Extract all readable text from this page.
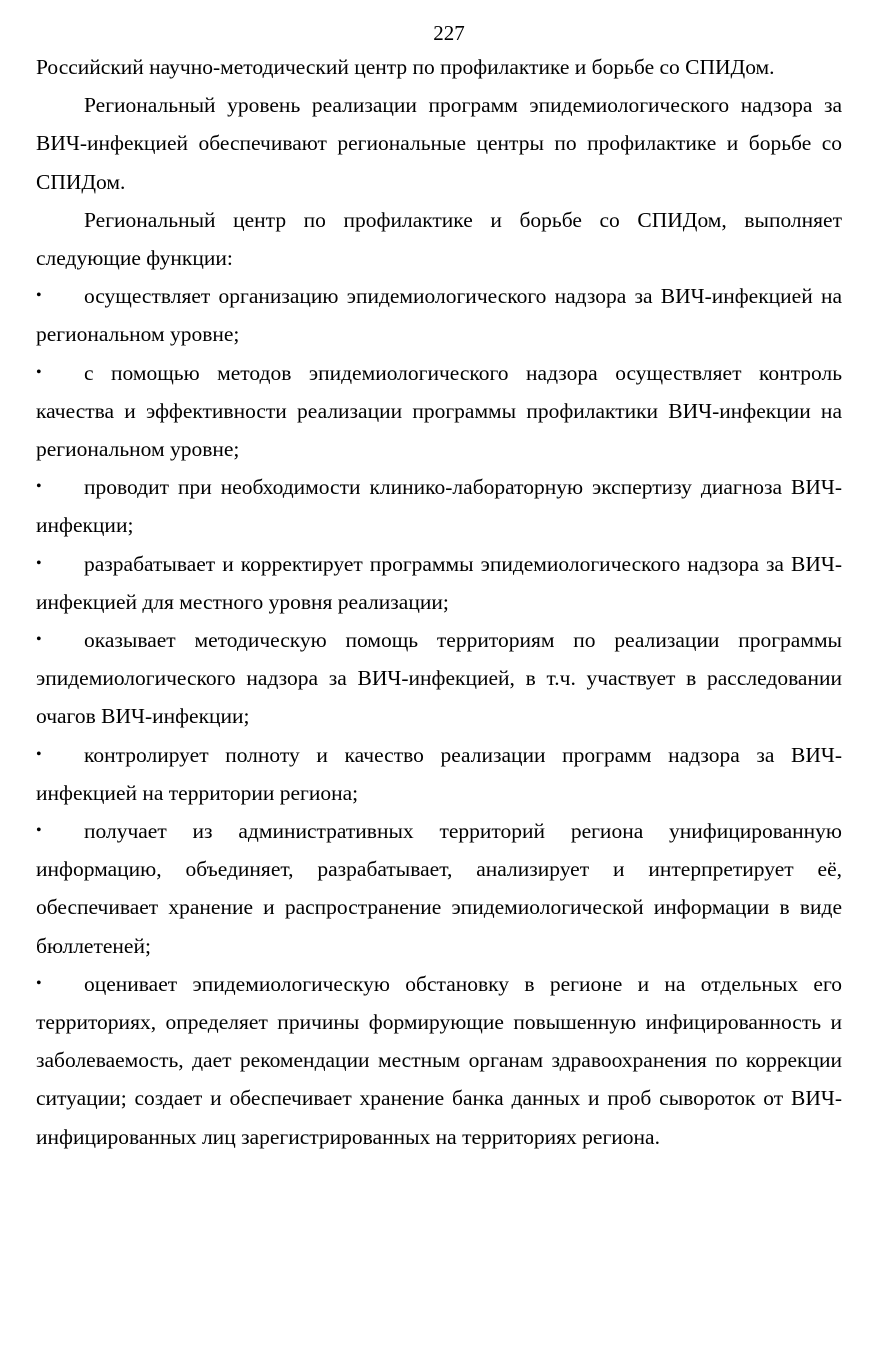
227

Российский научно-методический центр по профилактике и борьбе со СПИДом.

Региональный уровень реализации программ эпидемиологического надзора за ВИЧ-инфекцией обеспечивают региональные центры по профилактике и борьбе со СПИДом.

Региональный центр по профилактике и борьбе со СПИДом, выполняет следующие функции:

• осуществляет организацию эпидемиологического надзора за ВИЧ-инфекцией на региональном уровне;
• с помощью методов эпидемиологического надзора осуществляет контроль качества и эффективности реализации программы профилактики ВИЧ-инфекции на региональном уровне;
• проводит при необходимости клинико-лабораторную экспертизу диагноза ВИЧ-инфекции;
• разрабатывает и корректирует программы эпидемиологического надзора за ВИЧ-инфекцией для местного уровня реализации;
• оказывает методическую помощь территориям по реализации программы эпидемиологического надзора за ВИЧ-инфекцией, в т.ч. участвует в расследовании очагов ВИЧ-инфекции;
• контролирует полноту и качество реализации программ надзора за ВИЧ-инфекцией на территории региона;
• получает из административных территорий региона унифицированную информацию, объединяет, разрабатывает, анализирует и интерпретирует её, обеспечивает хранение и распространение эпидемиологической информации в виде бюллетеней;
• оценивает эпидемиологическую обстановку в регионе и на отдельных его территориях, определяет причины формирующие повышенную инфицированность и заболеваемость, дает рекомендации местным органам здравоохранения по коррекции ситуации; создает и обеспечивает хранение банка данных и проб сывороток от ВИЧ-инфицированных лиц зарегистрированных на территориях региона.
